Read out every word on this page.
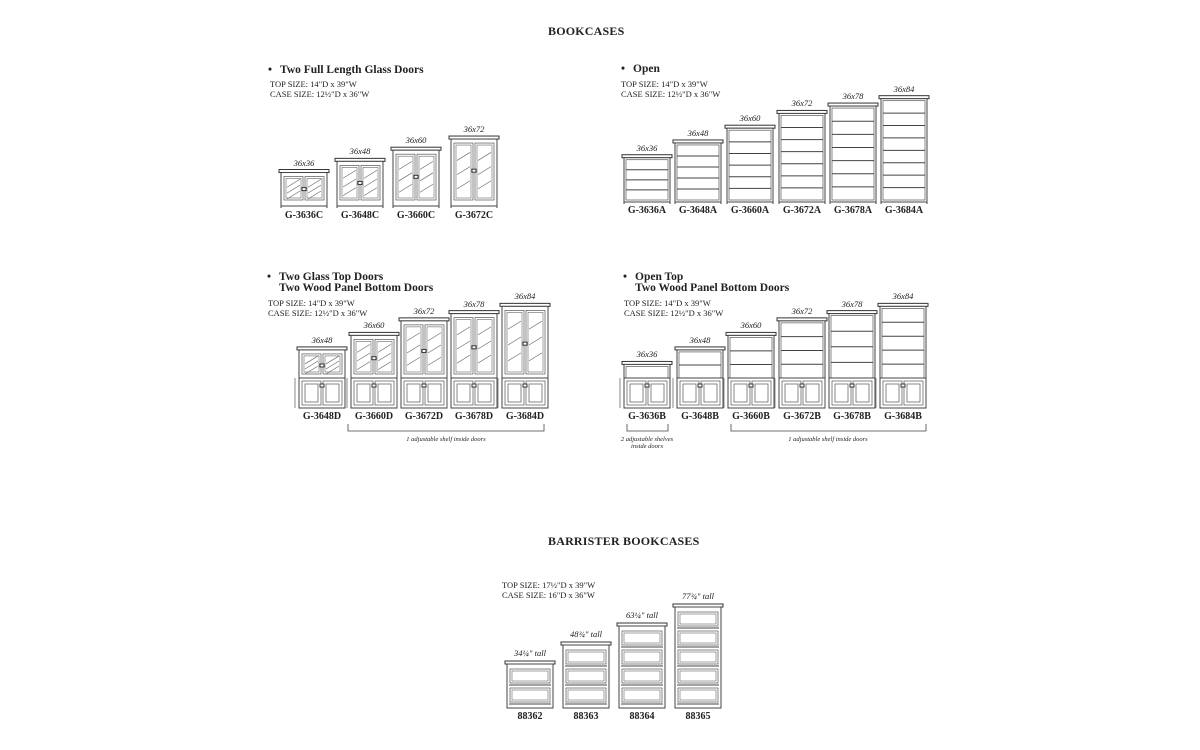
BOOKCASES
BARRISTER BOOKCASES
• Two Full Length Glass Doors
TOP SIZE: 14"D x 39"W
CASE SIZE: 12½"D x 36"W
• Open
TOP SIZE: 14"D x 39"W
CASE SIZE: 12½"D x 36"W
• Two Glass Top Doors
Two Wood Panel Bottom Doors
TOP SIZE: 14"D x 39"W
CASE SIZE: 12½"D x 36"W
• Open Top
Two Wood Panel Bottom Doors
TOP SIZE: 14"D x 39"W
CASE SIZE: 12½"D x 36"W
TOP SIZE: 17½"D x 39"W
CASE SIZE: 16"D x 36"W
1 adjustable shelf inside doors	2 adjustable shelves
inside doors
1 adjustable shelf inside doors
36x36
G-3636C
36x48
G-3648C
36x60
G-3660C
36x72
G-3672C
36x36
G-3636A
36x48
G-3648A
36x60
G-3660A
36x72
G-3672A
36x78
G-3678A
36x84
G-3684A
36x48
G-3648D
36x60
G-3660D
36x72
G-3672D
36x78
G-3678D
36x84
G-3684D
36x36
G-3636B
36x48
G-3648B
36x60
G-3660B
36x72
G-3672B
36x78
G-3678B
36x84
G-3684B
34¼" tall
88362
48¾" tall
88363
63¼" tall
88364
77¾" tall
88365
